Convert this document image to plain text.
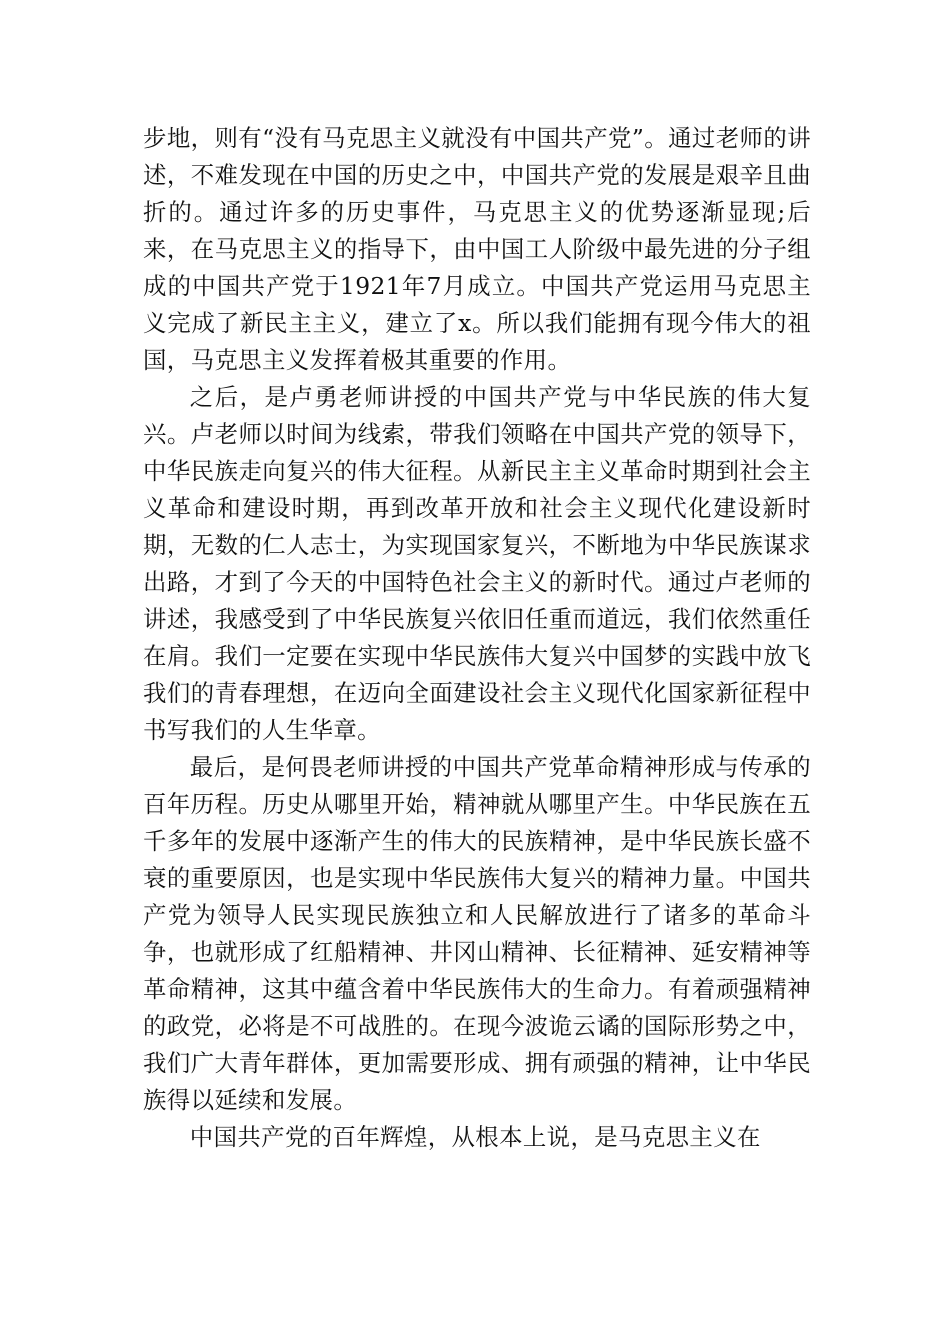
步地，则有“没有马克思主义就没有中国共产党”。通过老师的讲述，不难发现在中国的历史之中，中国共产党的发展是艰辛且曲折的。通过许多的历史事件，马克思主义的优势逐渐显现;后来，在马克思主义的指导下，由中国工人阶级中最先进的分子组成的中国共产党于1921年7月成立。中国共产党运用马克思主义完成了新民主主义，建立了x。所以我们能拥有现今伟大的祖国，马克思主义发挥着极其重要的作用。

之后，是卢勇老师讲授的中国共产党与中华民族的伟大复兴。卢老师以时间为线索，带我们领略在中国共产党的领导下，中华民族走向复兴的伟大征程。从新民主主义革命时期到社会主义革命和建设时期，再到改革开放和社会主义现代化建设新时期，无数的仁人志士，为实现国家复兴，不断地为中华民族谋求出路，才到了今天的中国特色社会主义的新时代。通过卢老师的讲述，我感受到了中华民族复兴依旧任重而道远，我们依然重任在肩。我们一定要在实现中华民族伟大复兴中国梦的实践中放飞我们的青春理想，在迈向全面建设社会主义现代化国家新征程中书写我们的人生华章。

最后，是何畏老师讲授的中国共产党革命精神形成与传承的百年历程。历史从哪里开始，精神就从哪里产生。中华民族在五千多年的发展中逐渐产生的伟大的民族精神，是中华民族长盛不衰的重要原因，也是实现中华民族伟大复兴的精神力量。中国共产党为领导人民实现民族独立和人民解放进行了诸多的革命斗争，也就形成了红船精神、井冈山精神、长征精神、延安精神等革命精神，这其中蕴含着中华民族伟大的生命力。有着顽强精神的政党，必将是不可战胜的。在现今波诡云谲的国际形势之中，我们广大青年群体，更加需要形成、拥有顽强的精神，让中华民族得以延续和发展。

中国共产党的百年辉煌，从根本上说，是马克思主义在
